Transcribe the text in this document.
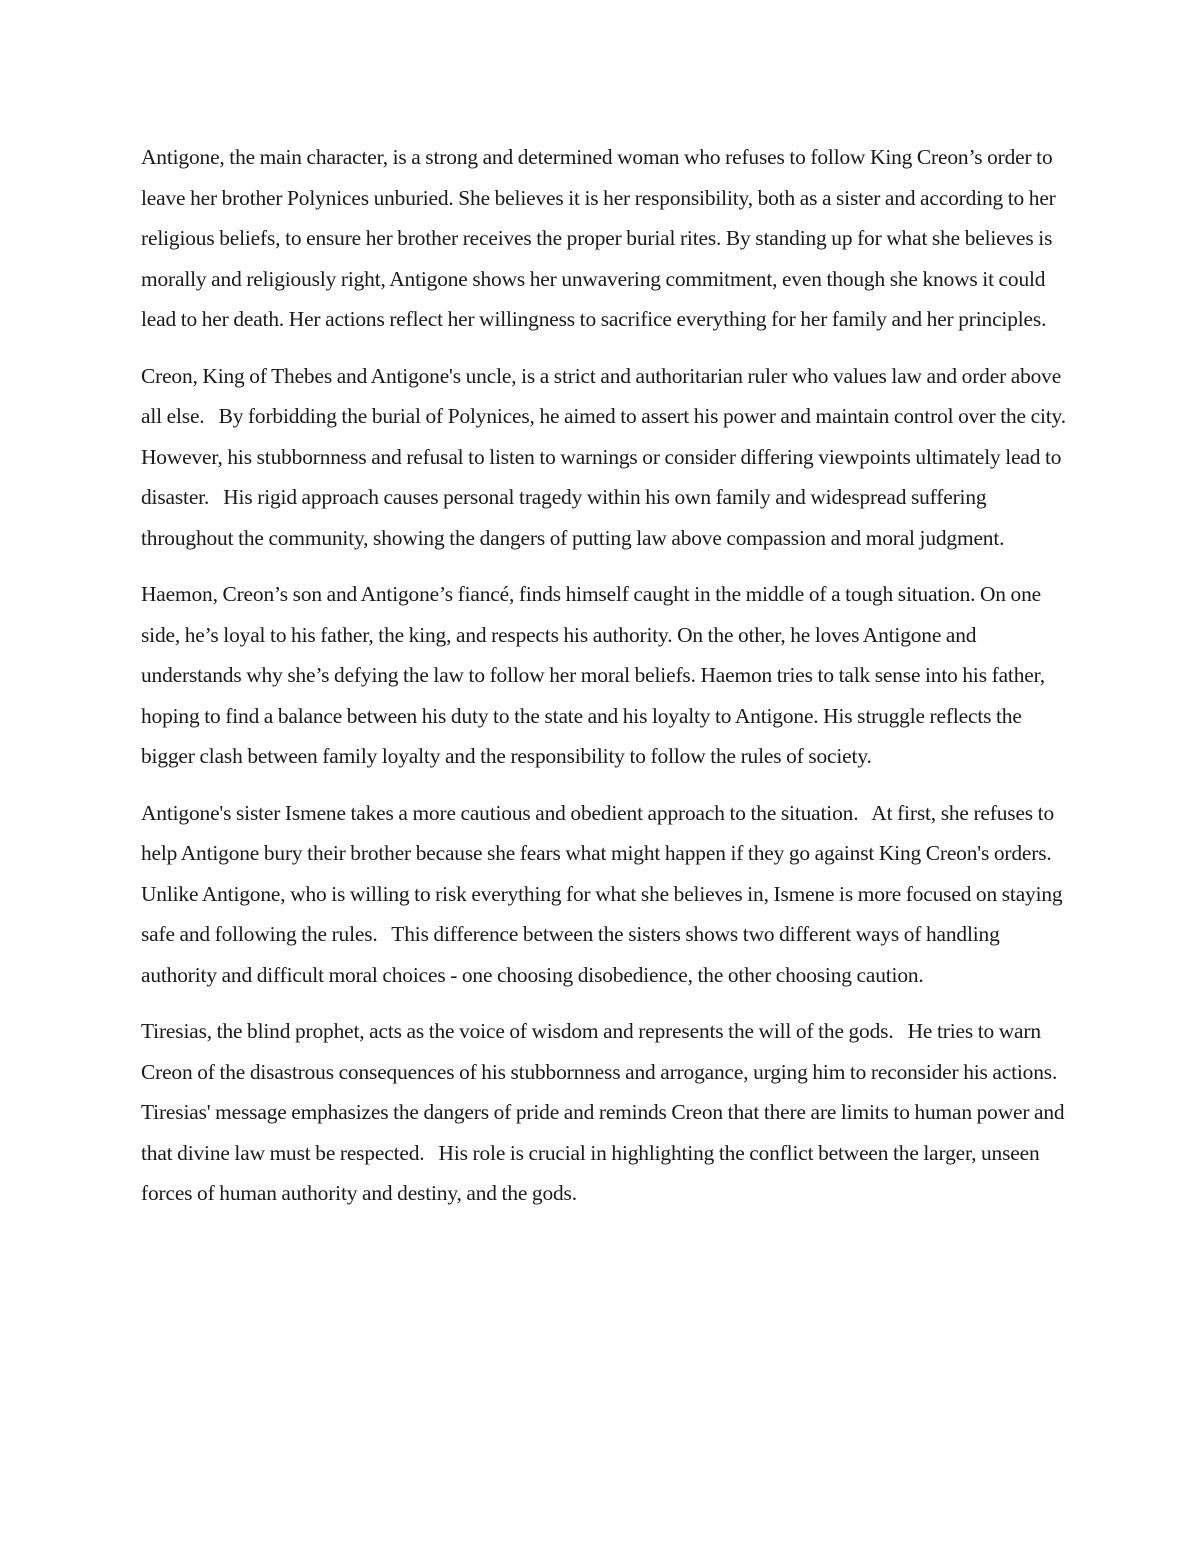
Antigone, the main character, is a strong and determined woman who refuses to follow King Creon’s order to leave her brother Polynices unburied. She believes it is her responsibility, both as a sister and according to her religious beliefs, to ensure her brother receives the proper burial rites. By standing up for what she believes is morally and religiously right, Antigone shows her unwavering commitment, even though she knows it could lead to her death. Her actions reflect her willingness to sacrifice everything for her family and her principles.

Creon, King of Thebes and Antigone's uncle, is a strict and authoritarian ruler who values law and order above all else.   By forbidding the burial of Polynices, he aimed to assert his power and maintain control over the city.   However, his stubbornness and refusal to listen to warnings or consider differing viewpoints ultimately lead to disaster.   His rigid approach causes personal tragedy within his own family and widespread suffering throughout the community, showing the dangers of putting law above compassion and moral judgment.

Haemon, Creon’s son and Antigone’s fiancé, finds himself caught in the middle of a tough situation. On one side, he’s loyal to his father, the king, and respects his authority. On the other, he loves Antigone and understands why she’s defying the law to follow her moral beliefs. Haemon tries to talk sense into his father, hoping to find a balance between his duty to the state and his loyalty to Antigone. His struggle reflects the bigger clash between family loyalty and the responsibility to follow the rules of society.

Antigone's sister Ismene takes a more cautious and obedient approach to the situation.   At first, she refuses to help Antigone bury their brother because she fears what might happen if they go against King Creon's orders.   Unlike Antigone, who is willing to risk everything for what she believes in, Ismene is more focused on staying safe and following the rules.   This difference between the sisters shows two different ways of handling authority and difficult moral choices - one choosing disobedience, the other choosing caution.

Tiresias, the blind prophet, acts as the voice of wisdom and represents the will of the gods.   He tries to warn Creon of the disastrous consequences of his stubbornness and arrogance, urging him to reconsider his actions.   Tiresias' message emphasizes the dangers of pride and reminds Creon that there are limits to human power and that divine law must be respected.   His role is crucial in highlighting the conflict between the larger, unseen forces of human authority and destiny, and the gods.
